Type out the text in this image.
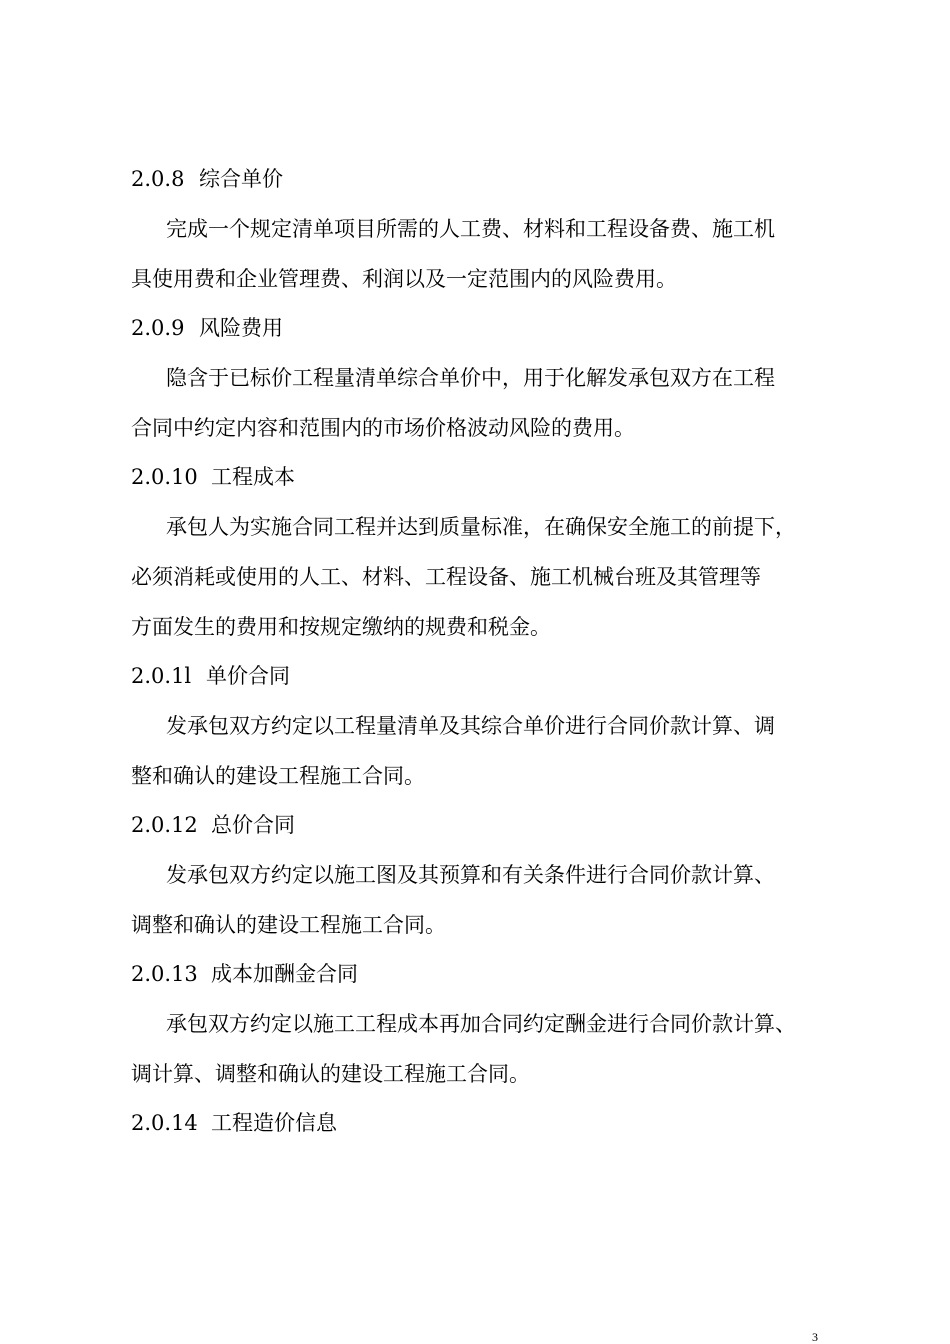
2.0.8 综合单价
完成一个规定清单项目所需的人工费、材料和工程设备费、施工机
具使用费和企业管理费、利润以及一定范围内的风险费用。
2.0.9 风险费用
隐含于已标价工程量清单综合单价中，用于化解发承包双方在工程
合同中约定内容和范围内的市场价格波动风险的费用。
2.0.10 工程成本
承包人为实施合同工程并达到质量标准，在确保安全施工的前提下，
必须消耗或使用的人工、材料、工程设备、施工机械台班及其管理等
方面发生的费用和按规定缴纳的规费和税金。
2.0.1l 单价合同
发承包双方约定以工程量清单及其综合单价进行合同价款计算、调
整和确认的建设工程施工合同。
2.0.12 总价合同
发承包双方约定以施工图及其预算和有关条件进行合同价款计算、
调整和确认的建设工程施工合同。
2.0.13 成本加酬金合同
承包双方约定以施工工程成本再加合同约定酬金进行合同价款计算、
调计算、调整和确认的建设工程施工合同。
2.0.14 工程造价信息
3
